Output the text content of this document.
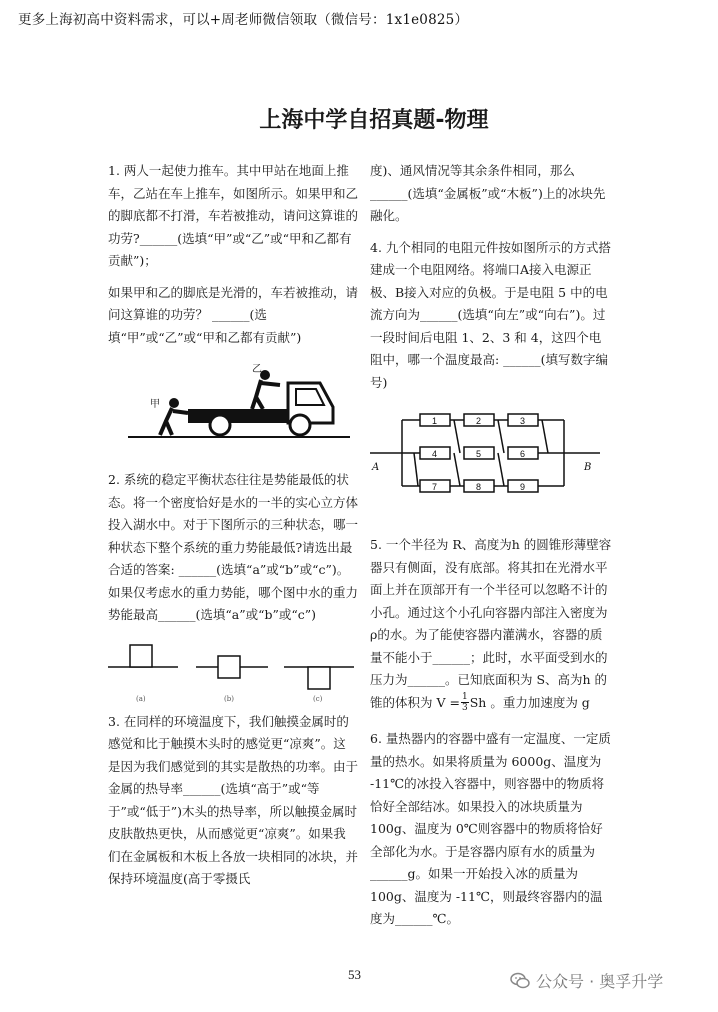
更多上海初高中资料需求，可以+周老师微信领取（微信号：1x1e0825）
上海中学自招真题-物理

1. 两人一起使力推车。其中甲站在地面上推车，乙站在车上推车，如图所示。如果甲和乙的脚底都不打滑，车若被推动，请问这算谁的功劳?______(选填“甲”或“乙”或“甲和乙都有贡献”)；

如果甲和乙的脚底是光滑的，车若被推动，请问这算谁的功劳？ ______(选填“甲”或“乙”或“甲和乙都有贡献”)

甲
乙

2. 系统的稳定平衡状态往往是势能最低的状态。将一个密度恰好是水的一半的实心立方体投入湖水中。对于下图所示的三种状态，哪一种状态下整个系统的重力势能最低?请选出最合适的答案: ______(选填“a”或“b”或“c”)。如果仅考虑水的重力势能，哪个图中水的重力势能最高______(选填“a”或“b”或“c”)

(a)	(b)	(c)

3. 在同样的环境温度下，我们触摸金属时的感觉和比于触摸木头时的感觉更“凉爽”。这是因为我们感觉到的其实是散热的功率。由于金属的热导率______(选填“高于”或“等于”或“低于”)木头的热导率，所以触摸金属时皮肤散热更快，从而感觉更“凉爽”。如果我们在金属板和木板上各放一块相同的冰块，并保持环境温度(高于零摄氏

度)、通风情况等其余条件相同，那么______(选填“金属板”或“木板”)上的冰块先融化。

4. 九个相同的电阻元件按如图所示的方式搭建成一个电阻网络。将端口A接入电源正极、B接入对应的负极。于是电阻 5 中的电流方向为______(选填“向左”或“向右”)。过一段时间后电阻 1、2、3 和 4，这四个电阻中，哪一个温度最高: ______(填写数字编号)

1	2	3
4	5	6
7	8	9
A	B

5. 一个半径为 R、高度为h 的圆锥形薄壁容器只有侧面，没有底部。将其扣在光滑水平面上并在顶部开有一个半径可以忽略不计的小孔。通过这个小孔向容器内部注入密度为ρ的水。为了能使容器内灌满水，容器的质量不能小于______；此时，水平面受到水的压力为______。已知底面积为 S、高为h 的锥的体积为 $V = \frac{1}{3}$ Sh 。重力加速度为 g

6. 量热器内的容器中盛有一定温度、一定质量的热水。如果将质量为 6000g、温度为 -11℃的冰投入容器中，则容器中的物质将恰好全部结冰。如果投入的冰块质量为 100g、温度为 0℃则容器中的物质将恰好全部化为水。于是容器内原有水的质量为______g。如果一开始投入冰的质量为 100g、温度为 -11℃，则最终容器内的温度为______℃。

53	公众号 · 奥孚升学
